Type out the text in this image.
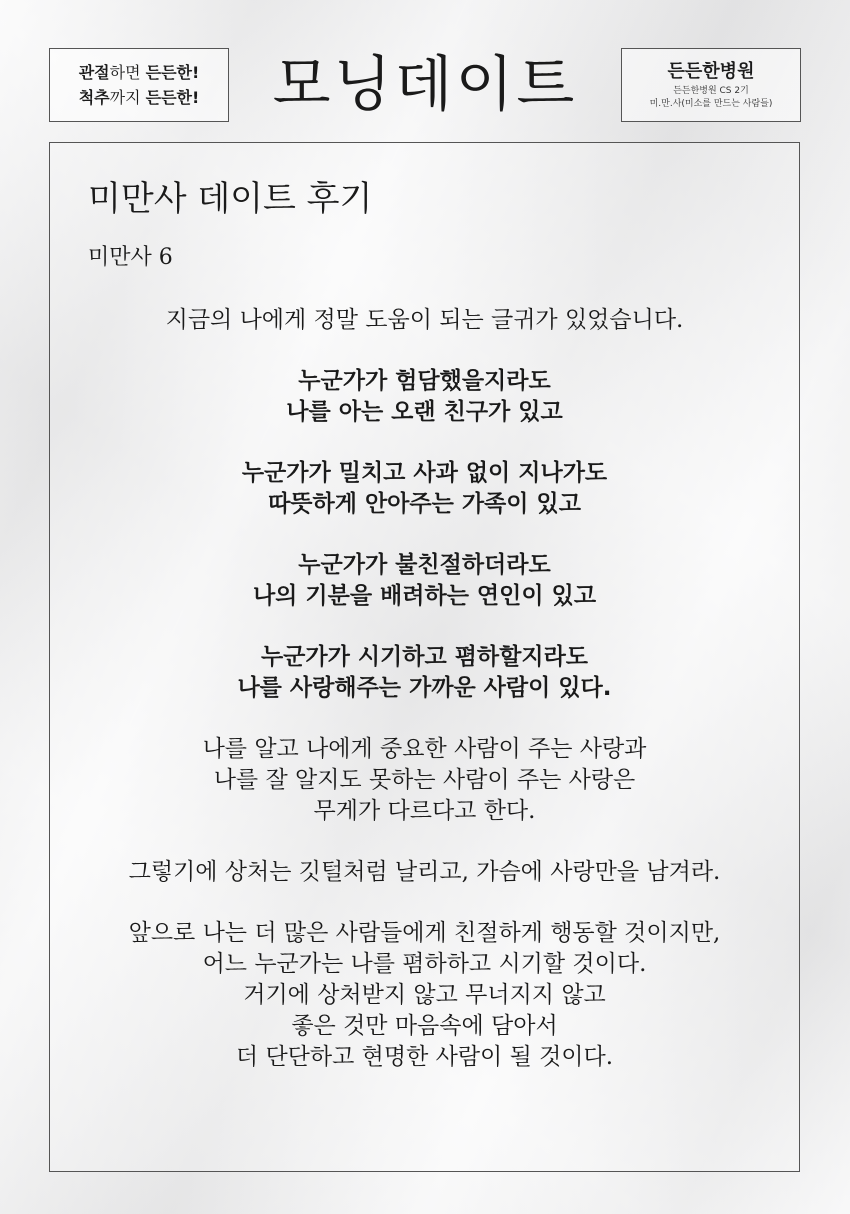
관절하면 든든한!
척추까지 든든한!	모닝데이트	든든한병원
든든한병원 CS 2기
미.만.사(미소를 만드는 사람들)
미만사 데이트 후기
미만사 6
지금의 나에게 정말 도움이 되는 글귀가 있었습니다.
누군가가 험담했을지라도
나를 아는 오랜 친구가 있고
누군가가 밀치고 사과 없이 지나가도
따뜻하게 안아주는 가족이 있고
누군가가 불친절하더라도
나의 기분을 배려하는 연인이 있고
누군가가 시기하고 폄하할지라도
나를 사랑해주는 가까운 사람이 있다.
나를 알고 나에게 중요한 사람이 주는 사랑과
나를 잘 알지도 못하는 사람이 주는 사랑은
무게가 다르다고 한다.
그렇기에 상처는 깃털처럼 날리고, 가슴에 사랑만을 남겨라.
앞으로 나는 더 많은 사람들에게 친절하게 행동할 것이지만,
어느 누군가는 나를 폄하하고 시기할 것이다.
거기에 상처받지 않고 무너지지 않고
좋은 것만 마음속에 담아서
더 단단하고 현명한 사람이 될 것이다.
